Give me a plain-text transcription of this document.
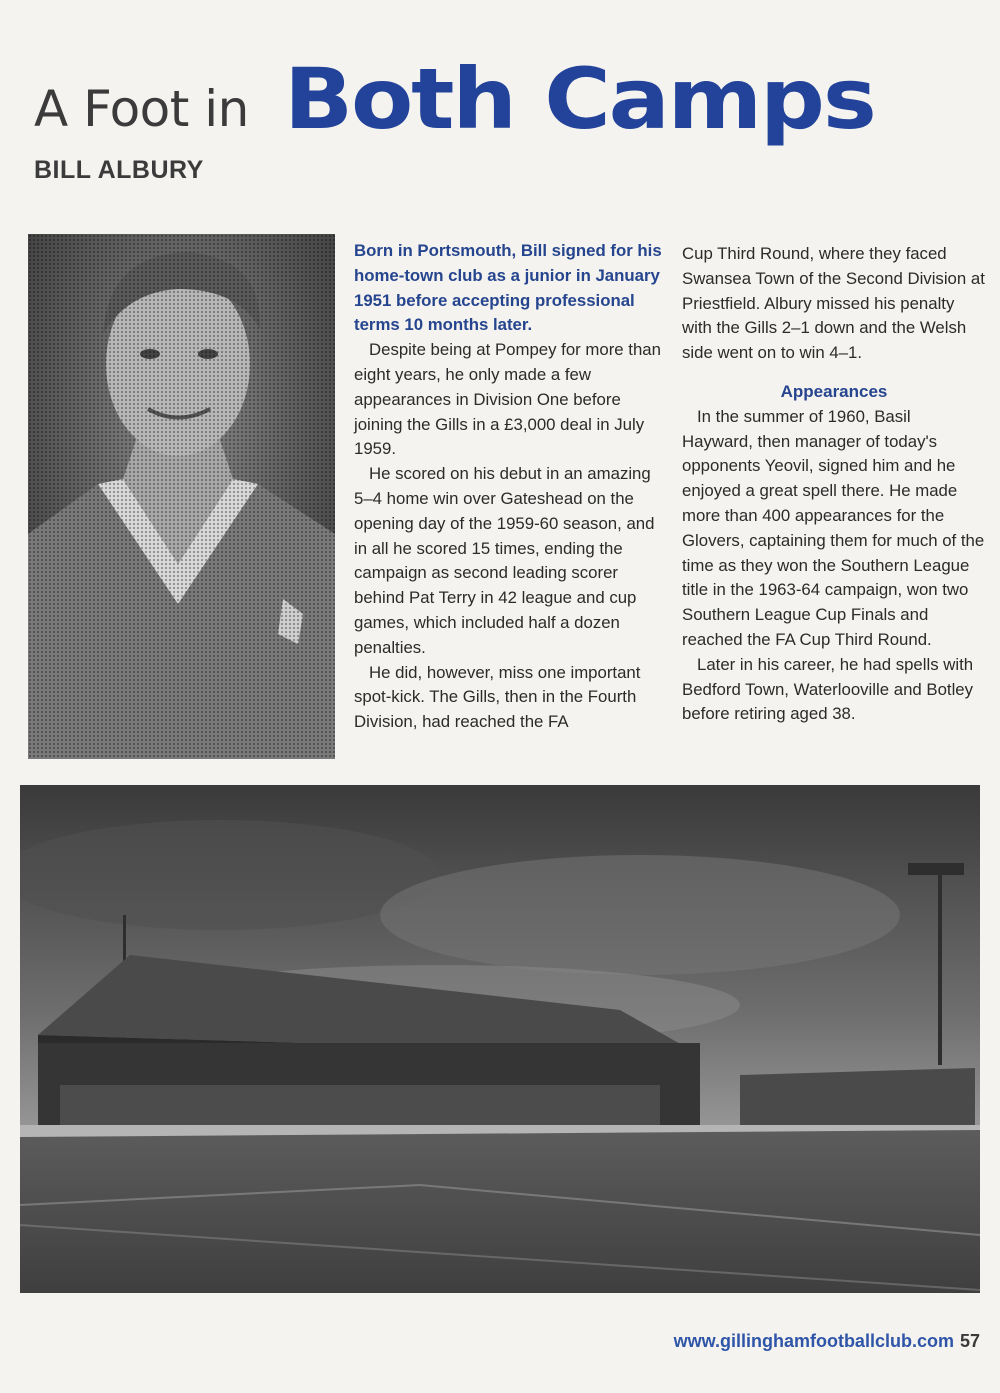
A Foot in Both Camps
BILL ALBURY

Born in Portsmouth, Bill signed for his home-town club as a junior in January 1951 before accepting professional terms 10 months later.

Despite being at Pompey for more than eight years, he only made a few appearances in Division One before joining the Gills in a £3,000 deal in July 1959.

He scored on his debut in an amazing 5–4 home win over Gateshead on the opening day of the 1959-60 season, and in all he scored 15 times, ending the campaign as second leading scorer behind Pat Terry in 42 league and cup games, which included half a dozen penalties.

He did, however, miss one important spot-kick. The Gills, then in the Fourth Division, had reached the FA

Cup Third Round, where they faced Swansea Town of the Second Division at Priestfield. Albury missed his penalty with the Gills 2–1 down and the Welsh side went on to win 4–1.

Appearances

In the summer of 1960, Basil Hayward, then manager of today's opponents Yeovil, signed him and he enjoyed a great spell there. He made more than 400 appearances for the Glovers, captaining them for much of the time as they won the Southern League title in the 1963-64 campaign, won two Southern League Cup Finals and reached the FA Cup Third Round.

Later in his career, he had spells with Bedford Town, Waterlooville and Botley before retiring aged 38.

www.gillinghamfootballclub.com 57
